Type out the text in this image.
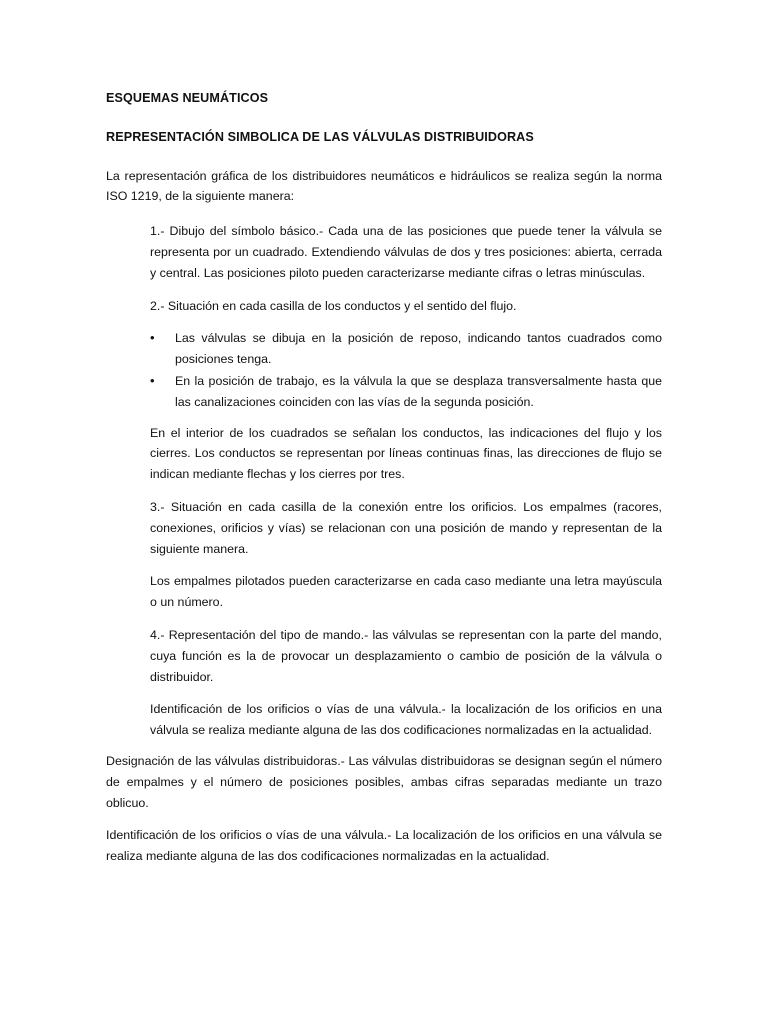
ESQUEMAS NEUMÁTICOS
REPRESENTACIÓN SIMBOLICA DE LAS VÁLVULAS DISTRIBUIDORAS

La representación gráfica de los distribuidores neumáticos e hidráulicos se realiza según la norma ISO 1219, de la siguiente manera:

1.- Dibujo del símbolo básico.- Cada una de las posiciones que puede tener la válvula se representa por un cuadrado. Extendiendo válvulas de dos y tres posiciones: abierta, cerrada y central. Las posiciones piloto pueden caracterizarse mediante cifras o letras minúsculas.

2.- Situación en cada casilla de los conductos y el sentido del flujo.

• Las válvulas se dibuja en la posición de reposo, indicando tantos cuadrados como posiciones tenga.
• En la posición de trabajo, es la válvula la que se desplaza transversalmente hasta que las canalizaciones coinciden con las vías de la segunda posición.

En el interior de los cuadrados se señalan los conductos, las indicaciones del flujo y los cierres. Los conductos se representan por líneas continuas finas, las direcciones de flujo se indican mediante flechas y los cierres por tres.

3.- Situación en cada casilla de la conexión entre los orificios. Los empalmes (racores, conexiones, orificios y vías) se relacionan con una posición de mando y representan de la siguiente manera.

Los empalmes pilotados pueden caracterizarse en cada caso mediante una letra mayúscula o un número.

4.- Representación del tipo de mando.- las válvulas se representan con la parte del mando, cuya función es la de provocar un desplazamiento o cambio de posición de la válvula o distribuidor.

Identificación de los orificios o vías de una válvula.- la localización de los orificios en una válvula se realiza mediante alguna de las dos codificaciones normalizadas en la actualidad.

Designación de las válvulas distribuidoras.- Las válvulas distribuidoras se designan según el número de empalmes y el número de posiciones posibles, ambas cifras separadas mediante un trazo oblicuo.

Identificación de los orificios o vías de una válvula.- La localización de los orificios en una válvula se realiza mediante alguna de las dos codificaciones normalizadas en la actualidad.
